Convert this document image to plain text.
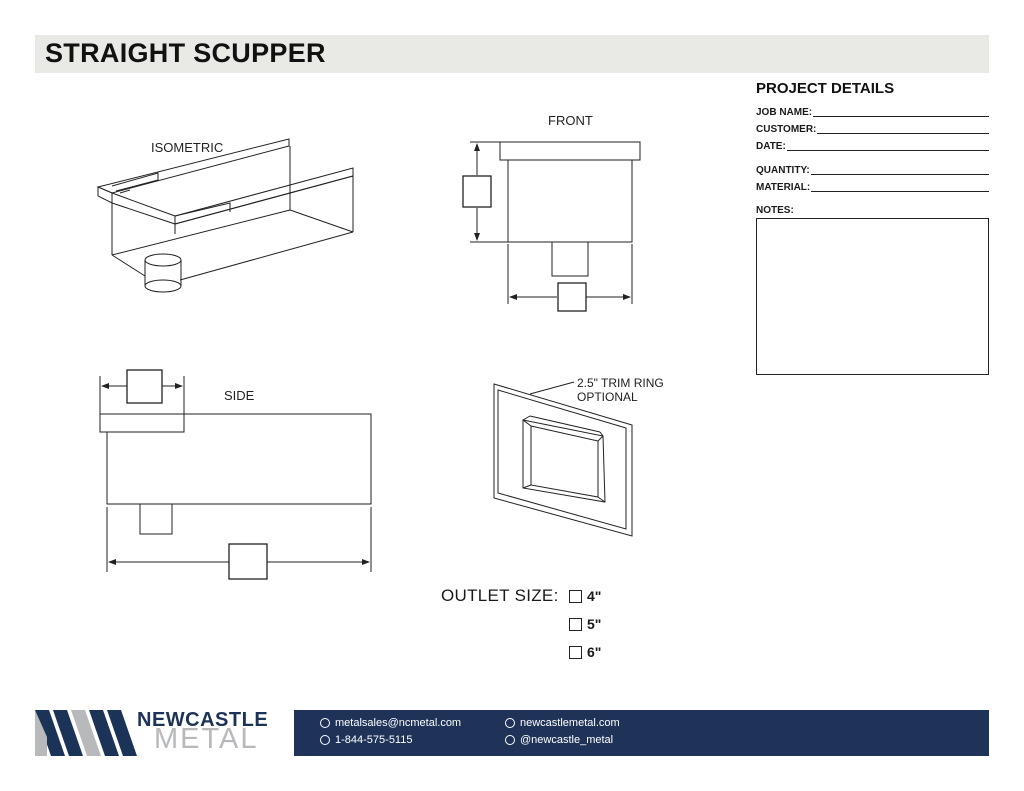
STRAIGHT SCUPPER
ISOMETRIC
FRONT
SIDE
2.5" TRIM RING
OPTIONAL
PROJECT DETAILS
JOB NAME:
CUSTOMER:
DATE:
QUANTITY:
MATERIAL:
NOTES:
OUTLET SIZE: 4"
5"
6"
NEWCASTLE
METAL	metalsales@ncmetal.com
1-844-575-5115
newcastlemetal.com
@newcastle_metal
